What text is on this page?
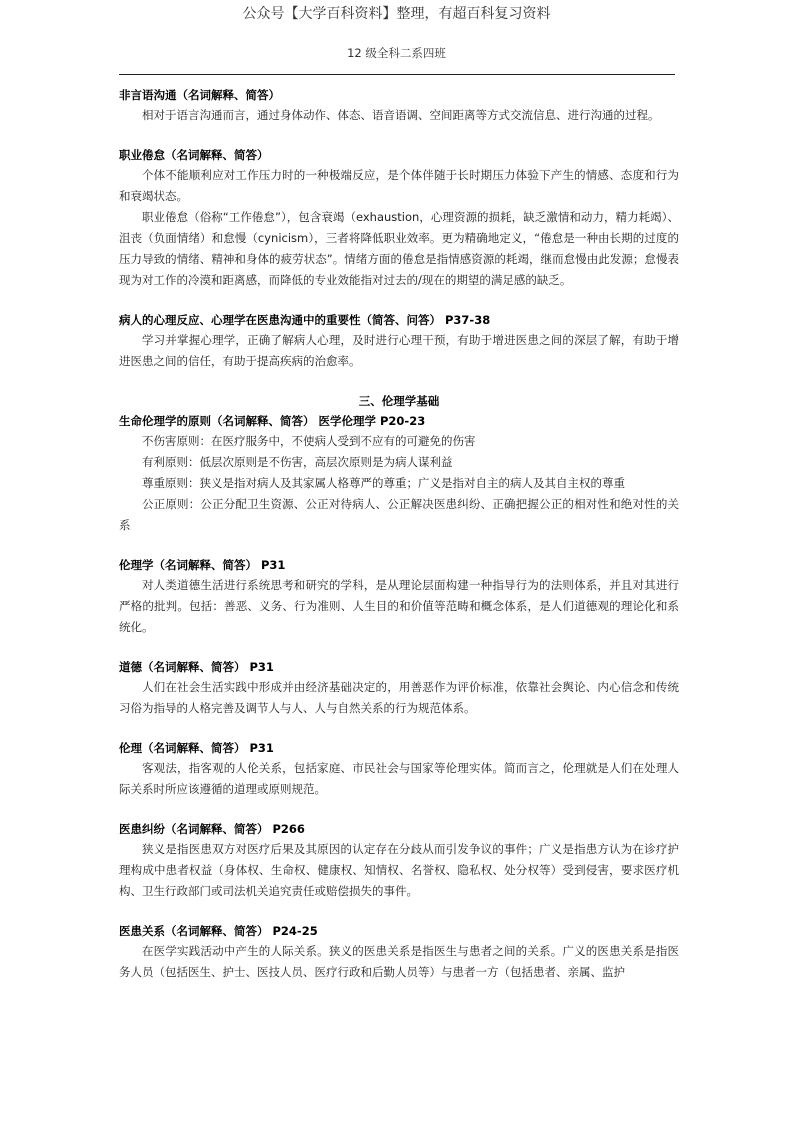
公众号【大学百科资料】整理，有超百科复习资料
12 级全科二系四班
非言语沟通（名词解释、简答）
相对于语言沟通而言，通过身体动作、体态、语音语调、空间距离等方式交流信息、进行沟通的过程。
职业倦怠（名词解释、简答）
个体不能顺利应对工作压力时的一种极端反应，是个体伴随于长时期压力体验下产生的情感、态度和行为和衰竭状态。
职业倦怠（俗称“工作倦怠”），包含衰竭（exhaustion，心理资源的损耗，缺乏激情和动力，精力耗竭）、沮丧（负面情绪）和怠慢（cynicism），三者将降低职业效率。更为精确地定义，“倦怠是一种由长期的过度的压力导致的情绪、精神和身体的疲劳状态”。情绪方面的倦怠是指情感资源的耗竭，继而怠慢由此发源；怠慢表现为对工作的冷漠和距离感，而降低的专业效能指对过去的/现在的期望的满足感的缺乏。
病人的心理反应、心理学在医患沟通中的重要性（简答、问答） P37-38
学习并掌握心理学，正确了解病人心理，及时进行心理干预，有助于增进医患之间的深层了解，有助于增进医患之间的信任，有助于提高疾病的治愈率。
三、伦理学基础
生命伦理学的原则（名词解释、简答） 医学伦理学 P20-23
不伤害原则：在医疗服务中，不使病人受到不应有的可避免的伤害
有利原则：低层次原则是不伤害，高层次原则是为病人谋利益
尊重原则：狭义是指对病人及其家属人格尊严的尊重；广义是指对自主的病人及其自主权的尊重
公正原则：公正分配卫生资源、公正对待病人、公正解决医患纠纷、正确把握公正的相对性和绝对性的关系
伦理学（名词解释、简答） P31
对人类道德生活进行系统思考和研究的学科，是从理论层面构建一种指导行为的法则体系，并且对其进行严格的批判。包括：善恶、义务、行为准则、人生目的和价值等范畴和概念体系，是人们道德观的理论化和系统化。
道德（名词解释、简答） P31
人们在社会生活实践中形成并由经济基础决定的，用善恶作为评价标准，依靠社会舆论、内心信念和传统习俗为指导的人格完善及调节人与人、人与自然关系的行为规范体系。
伦理（名词解释、简答） P31
客观法，指客观的人伦关系，包括家庭、市民社会与国家等伦理实体。简而言之，伦理就是人们在处理人际关系时所应该遵循的道理或原则规范。
医患纠纷（名词解释、简答） P266
狭义是指医患双方对医疗后果及其原因的认定存在分歧从而引发争议的事件；广义是指患方认为在诊疗护理构成中患者权益（身体权、生命权、健康权、知情权、名誉权、隐私权、处分权等）受到侵害，要求医疗机构、卫生行政部门或司法机关追究责任或赔偿损失的事件。
医患关系（名词解释、简答） P24-25
在医学实践活动中产生的人际关系。狭义的医患关系是指医生与患者之间的关系。广义的医患关系是指医务人员（包括医生、护士、医技人员、医疗行政和后勤人员等）与患者一方（包括患者、亲属、监护
